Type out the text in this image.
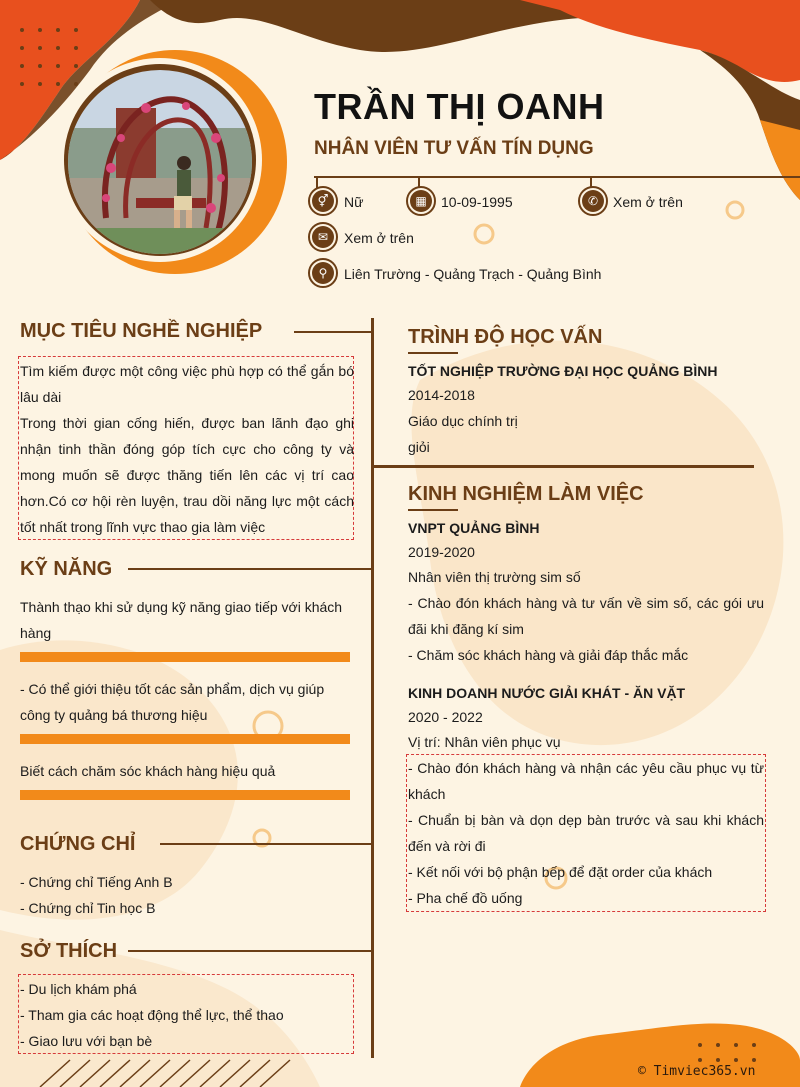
TRẦN THỊ OANH
NHÂN VIÊN TƯ VẤN TÍN DỤNG
⚥	Nữ	▦	10-09-1995	✆	Xem ở trên
✉	Xem ở trên
⚲	Liên Trường - Quảng Trạch - Quảng Bình
MỤC TIÊU NGHỀ NGHIỆP
Tìm kiếm được một công việc phù hợp có thể gắn bó lâu dài
Trong thời gian cống hiến, được ban lãnh đạo ghi nhận tinh thần đóng góp tích cực cho công ty và mong muốn sẽ được thăng tiến lên các vị trí cao hơn.Có cơ hội rèn luyện, trau dồi năng lực một cách tốt nhất trong lĩnh vực thao gia làm việc
KỸ NĂNG
Thành thạo khi sử dụng kỹ năng giao tiếp với khách hàng
- Có thể giới thiệu tốt các sản phẩm, dịch vụ giúp công ty quảng bá thương hiệu
Biết cách chăm sóc khách hàng hiệu quả
CHỨNG CHỈ
- Chứng chỉ Tiếng Anh B
- Chứng chỉ Tin học B
SỞ THÍCH
- Du lịch khám phá
- Tham gia các hoạt động thể lực, thể thao
- Giao lưu với bạn bè
TRÌNH ĐỘ HỌC VẤN
TỐT NGHIỆP TRƯỜNG ĐẠI HỌC QUẢNG BÌNH
2014-2018
Giáo dục chính trị
giỏi
KINH NGHIỆM LÀM VIỆC
VNPT QUẢNG BÌNH
2019-2020
Nhân viên thị trường sim số
- Chào đón khách hàng và tư vấn về sim số, các gói ưu đãi khi đăng kí sim
- Chăm sóc khách hàng và giải đáp thắc mắc
KINH DOANH NƯỚC GIẢI KHÁT - ĂN VẶT
2020 - 2022
Vị trí: Nhân viên phục vụ
- Chào đón khách hàng và nhận các yêu cầu phục vụ từ khách
- Chuẩn bị bàn và dọn dẹp bàn trước và sau khi khách đến và rời đi
- Kết nối với bộ phận bếp để đặt order của khách
- Pha chế đồ uống
© Timviec365.vn
